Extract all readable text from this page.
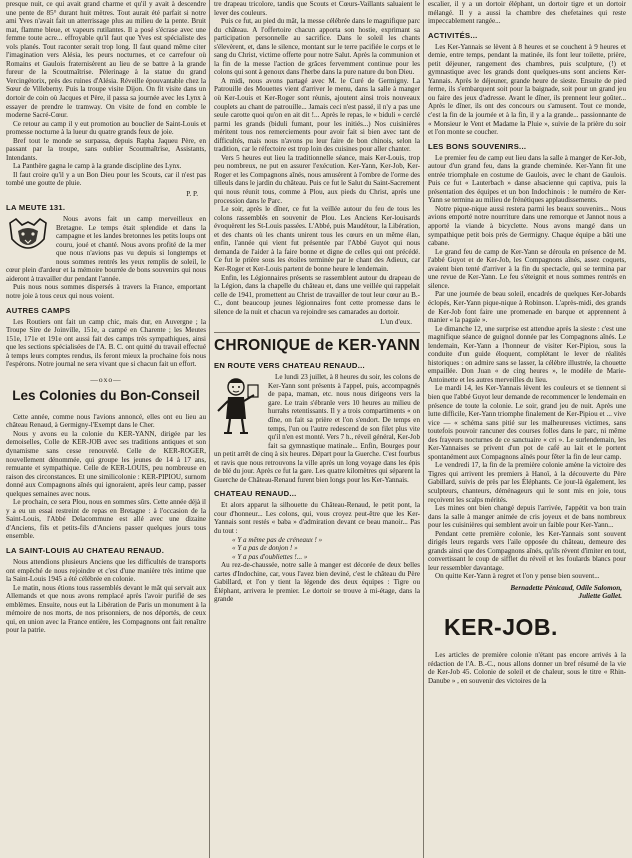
presque nuit, ce qui avait grand charme et qu'il y avait à descendre une pente de 85° durant huit mètres. Tout aurait été parfait si notre ami Yves n'avait fait un atterrissage plus au milieu de la pente. Bruit mat, flamme bleue, et vapeurs rutilantes. Il a posé s'écrase avec une femme toute acre... effroyable qu'il faut que Yves est spécialiste des vols planés. Tout raconter serait trop long. Il faut quand même citer l'imagination vers Alésia, les peurs nocturnes, et ce carrefour où Romains et Gaulois fraternisèrent au lieu de se battre à la grande fureur de la Scoutmaîtrise. Pèlerinage à la statue du grand Vercingétorix, près des ruines d'Alésia. Réveille épouvantable chez la Sœur de Villeberny. Puis la troupe visite Dijon. On fit visite dans un dortoir de coin où Jacques et Père, il passa sa journée avec les Lynx à essayer de prendre le tramway. On visite de fond en comble le moderne Sacré-Cœur.

Ce retour au camp il y eut promotion au bouclier de Saint-Louis et promesse nocturne à la lueur du quatre grands feux de joie.

Bref tout le monde se surpassa, depuis Rapha Jaqueu Père, en passant par la troupe, sans oublier Scoutmaîtrise, Assistants, Intendants.

La Panthère gagna le camp à la grande discipline des Lynx.

Il faut croire qu'il y a un Bon Dieu pour les Scouts, car il n'est pas tombé une goutte de pluie.

P. P.
LA MEUTE 131.

Nous avons fait un camp merveilleux en Bretagne. Le temps était splendide et dans la campagne et les landes bretonnes les petits loups ont couru, joué et chanté. Nous avons profité de la mer que nous n'avions pas vu depuis si longtemps et nous sommes rentrés les yeux remplis de soleil, le cœur plein d'ardeur et la mémoire bourrée de bons souvenirs qui nous aideront à travailler dur pendant l'année.

Puis nous nous sommes dispersés à travers la France, emportant notre joie à tous ceux qui nous voient.

AUTRES CAMPS

Les Routiers ont fait un camp chic, mais dur, en Auvergne ; la Troupe Sire de Joinville, 151e, a campé en Charente ; les Meutes 151e, 171e et 191e ont aussi fait des camps très sympathiques, ainsi que les sections spécialisées de l'A. B. C. ont quitté du travail effectué à temps leurs comptes rendus, ils feront mieux la prochaine fois nous l'espérons. Notre journal ne sera vivant que si chacun fait un effort.

—oxo—
Les Colonies du Bon-Conseil

Cette année, comme nous l'avions annoncé, elles ont eu lieu au château Renaud, à Germigny-l'Exempt dans le Cher.

Nous y avons eu la colonie du KER-YANN, dirigée par les demoiselles, Colle de KER-JOB avec ses traditions antiques et son dynamisme sans cesse renouvelé. Celle de KER-ROGER, nouvellement dénommée, qui groupe les jeunes de 14 à 17 ans, remuante et sympathique. Celle de KER-LOUIS, peu nombreuse en raison des circonstances. Et une similicolonie : KER-PIPIOU, surnom donné aux Compagnons aînés qui ignoraient, après leur camp, passer quelques semaines avec nous.

Le prochain, ce sera Plou, nous en sommes sûrs. Cette année déjà il y a eu un essai restreint de repas en Bretagne : à l'occasion de la Saint-Louis, l'Abbé Delacommune est allé avec une dizaine d'Anciens, fils et petits-fils d'Anciens passer quelques jours tous ensemble.

LA SAINT-LOUIS AU CHATEAU RENAUD.

Nous attendions plusieurs Anciens que les difficultés de transports ont empêché de nous rejoindre et c'est d'une manière très intime que la Saint-Louis 1945 a été célébrée en colonie.

Le matin, nous étions tous rassemblés devant le mât qui servait aux Allemands et que nous avons remplacé après l'avoir purifié de ses emblèmes. Ensuite, nous eut la Libération de Paris un monument à la mémoire de nos morts, de nos prisonniers, de nos déportés, de ceux qui, en union avec la France entière, les Compagnons ont fait renaître pour la patrie.

tre drapeau tricolore, tandis que Scouts et Cœurs-Vaillants saluaient le lever des couleurs.

Puis ce fut, au pied du mât, la messe célébrée dans le magnifique parc du château. A l'offertoire chacun apporta son hostie, exprimant sa participation personnelle au sacrifice. Dans le soleil les chants s'élevèrent, et, dans le silence, montant sur le terre pacifiée le corps et le sang du Christ, victime offerte pour notre Salut. Après la communion et la fin de la messe l'action de grâces fervemment continue pour les colons qui sont à genoux dans l'herbe dans la pure nature du bon Dieu.

A midi, nous avons partagé avec M. le Curé de Germigny. La Patrouille des Mouettes vient d'arriver le menu, dans la salle à manger où Ker-Louis et Ker-Roger sont réunis, ajoutent ainsi trois nouveaux couplets au chant de patrouille... Jamais ceci n'est passé, il n'y a pas une seule carotte quoi qu'on en ait dit !... Après le repas, le « biduli » cerclé parmi les grands (biduli fumant, pour les initiés...) Nos cuisinières méritent tous nos remerciements pour avoir fait si bien avec tant de difficultés, mais nous n'avons pu leur faire de bon chinois, selon la tradition, car le réfectoire est trop loin des cuisines pour aller chanter.

Vers 5 heures eut lieu la traditionnelle séance, mais Ker-Louis, trop peu nombreux, ne put en assurer l'exécution. Ker-Yann, Ker-Job, Ker-Roger et les Compagnons aînés, nous amusèrent à l'ombre de l'orme des tilleuls dans le jardin du château. Puis ce fut le Salut du Saint-Sacrement qui nous réunit tous, comme à Plou, aux pieds du Christ, après une procession dans le Parc.

Le soir, après le dîner, ce fut la veillée autour du feu de tous les colons rassemblés en souvenir de Plou. Les Anciens Ker-louisards évoquèrent les St-Louis passées. L'Abbé, puis Maudétour, la Libération, et des chants où les chants unirent tous les cœurs en un même élan, enfin, l'année qui vient fut présentée par l'Abbé Guyot qui nous demanda de l'aider à la faire bonne et digne de celles qui ont précédé. Ce fut le prière sous les étoiles terminée par le chant des Adieux, car Ker-Roger et Ker-Louis partent de bonne heure le lendemain.

Enfin, les Légionnaires présents se rassemblent autour du drapeau de la Légion, dans la chapelle du château et, dans une veillée qui rappelait celle de 1941, promettent au Christ de travailler de tout leur cœur au B.-C., dont beaucoup jeunes légionnaires font cette promesse dans le silence de la nuit et chacun va rejoindre ses camarades au dortoir.

L'un d'eux.
CHRONIQUE de KER-YANN
EN ROUTE VERS CHATEAU RENAUD...

Le lundi 23 juillet, à 8 heures du soir, les colons de Ker-Yann sont présents à l'appel, puis, accompagnés de papa, maman, etc. nous nous dirigeons vers la gare. Le train s'ébranle vers 10 heures au milieu de hurrahs retentissants. Il y a trois compartiments « on dîne, on fait sa prière et l'on s'endort. De temps en temps, l'un ou l'autre redescend de son filet plus vite qu'il n'en est monté. Vers 7 h., réveil général, Ker-Job fait sa gymnastique matinale... Enfin, Bourges pour un petit arrêt de cinq à six heures. Départ pour la Guerche. C'est fourbus et ravis que nous retrouvons la ville après un long voyage dans les épis de blé du jour. Après ce fut la gare. Les quatre kilomètres qui séparent la Guerche de Château-Renaud furent bien longs pour les Ker-Yannais.

CHATEAU RENAUD...

Et alors apparut la silhouette du Château-Renaud, le petit pont, la cour d'honneur... Les colons, qui, vous croyez peut-être que les Ker-Yannais sont restés « baba » d'admiration devant ce beau manoir... Pas du tout :

« Y a même pas de créneaux ! »
« Y a pas de donjon ! »
« Y a pas d'oubliettes !... »

Au rez-de-chaussée, notre salle à manger est décorée de deux belles cartes d'Indochine, car, vous l'avez bien deviné, c'est le château du Père Gabillard, et l'on y tient la légende des deux équipes : Tigre ou Éléphant, arrivera le premier. Le dortoir se trouve à mi-étage, dans la grande

escalier, il y a un dortoir éléphant, un dortoir tigre et un dortoir mélangé. Il y a aussi la chambre des chefetaines qui reste impeccablement rangée...

ACTIVITÉS...

Les Ker-Yannais se lèvent à 8 heures et se couchent à 9 heures et demie, entre temps, pendant la matinée, ils font leur toilette, prière, petit déjeuner, rangement des chambres, puis sculpture, (!) et gymnastique avec les grands dont quelques-uns sont anciens Ker-Yannais. Après le déjeuner, grande heure de sieste. Ensuite de pied ferme, ils s'embarquent soit pour la baignade, soit pour un grand jeu ou faire des jeux d'adresse. Avant le dîner, ils prennent leur goûter... Après le dîner, ils ont des concours ou s'amusent. Tout ce monde, c'est la fin de la journée et à la fin, il y a la grande... passionnante de « Monsieur le Vent et Madame la Pluie », suivie de la prière du soir et l'on monte se coucher.

LES BONS SOUVENIRS...

Le premier feu de camp eut lieu dans la salle à manger de Ker-Job, autour d'un grand feu, dans la grande cheminée. Ker-Yann fit une entrée triomphale en costume de Gaulois, avec le chant de Gaulois. Puis ce fut « Lauterbach » danse alsacienne qui captiva, puis la présentation des équipes et un bon Indochinois : le numéro de Ker-Yann se termina au milieu de frénétiques applaudissements.

Notre pique-nique aussi restera parmi les beaux souvenirs... Nous avions emporté notre nourriture dans une remorque et Jannot nous a apporté la viande à bicyclette. Nous avons mangé dans un sympathique petit bois près de Germigny. Chaque équipe a bâti une cabane.

Le grand feu de camp de Ker-Yann se déroula en présence de M. l'abbé Guyot et de Ker-Job, les Compagnons aînés, assez coquets, avaient bien tenté d'arriver à la fin du spectacle, qui se termina par une revue de Ker-Yann. Le feu s'éteignit et nous sommes rentrés en silence.

Par une journée de beau soleil, encadrés de quelques Ker-Jobards éclopés, Ker-Yann pique-nique à Robinson. L'après-midi, des grands de Ker-Job font faire une promenade en barque et apprennent à manier « la pagaie ».

Le dimanche 12, une surprise est attendue après la sieste : c'est une magnifique séance de guignol donnée par les Compagnons aînés. Le lendemain, Ker-Yann a l'honneur de visiter Ker-Pipiou, sous la conduite d'un guide éloquent, complétant le lever de réalités historiques : on admire sans se lasser, la célèbre illustrée, la chouette empaillée. Don Juan « de cing heures », le modèle de Marie-Antoinette et les autres merveilles du lieu.

Le mardi 14, les Ker-Yannais lèvent les couleurs et se tiennent si bien que l'abbé Guyot leur demande de recommencer le lendemain en présence de toute la colonie. Le soir, grand jeu de nuit. Après une lutte difficile, Ker-Yann triomphe finalement de Ker-Pipiou et ... vive vice — « schéma sans pitié sur les malheureuses victimes, sans toutefois pouvoir rancuner des courses folles dans le parc, ni même des frayeurs nocturnes de ce sanctuaire « cri ». Le surlendemain, les Ker-Yannaises se privent d'un pot de café au lait et le portent spontanément aux Compagnons aînés pour fêter la fin de leur camp.

Le vendredi 17, la fin de la première colonie amène la victoire des Tigres qui arrivent les premiers à Hanoï, à la découverte du Père Gabillard, suivis de près par les Éléphants. Ce jour-là également, les sculpteurs, chanteurs, déménageurs qui le sont mis en joie, tous reçoivent les scalps mérités.

Les mines ont bien changé depuis l'arrivée, l'appétit va bon train dans la salle à manger animée de cris joyeux et de bans nombreux pour les cuisinières qui semblent avoir un faible pour Ker-Yann...

Pendant cette première colonie, les Ker-Yannais sont souvent dirigés leurs regards vers l'aile opposée du château, demeure des grands ainsi que des Compagnons aînés, qu'ils révent d'imiter en tout, convertissant le coup de sifflet du réveil et les foulards blancs pour leur ressembler davantage.

On quitte Ker-Yann à regret et l'on y pense bien souvent...

Bernadette Pénicaud, Odile Salomon,
Juliette Gallet.
KER-JOB.

Les articles de première colonie n'étant pas encore arrivés à la rédaction de l'A. B.-C., nous allons donner un bref résumé de la vie de Ker-Job 45. Colonie de soleil et de chaleur, sous le titre « Rhin-Danube » , en souvenir des victoires de la
